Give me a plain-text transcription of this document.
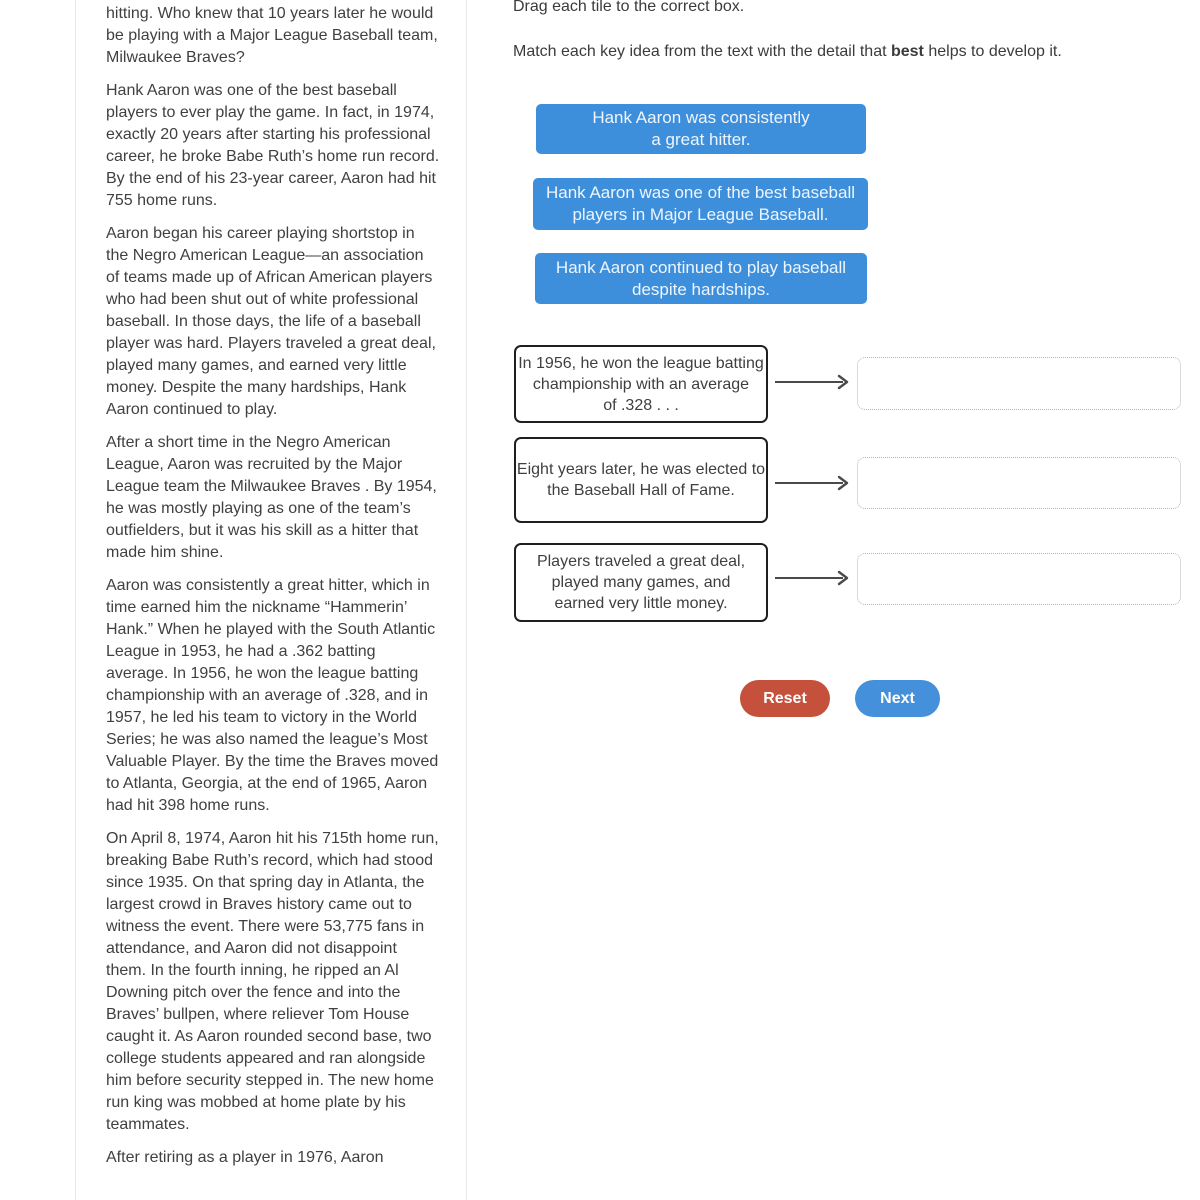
hitting. Who knew that 10 years later he would be playing with a Major League Baseball team, Milwaukee Braves?

Hank Aaron was one of the best baseball players to ever play the game. In fact, in 1974, exactly 20 years after starting his professional career, he broke Babe Ruth’s home run record. By the end of his 23-year career, Aaron had hit 755 home runs.

Aaron began his career playing shortstop in the Negro American League—an association of teams made up of African American players who had been shut out of white professional baseball. In those days, the life of a baseball player was hard. Players traveled a great deal, played many games, and earned very little money. Despite the many hardships, Hank Aaron continued to play.

After a short time in the Negro American League, Aaron was recruited by the Major League team the Milwaukee Braves . By 1954, he was mostly playing as one of the team’s outfielders, but it was his skill as a hitter that made him shine.

Aaron was consistently a great hitter, which in time earned him the nickname “Hammerin’ Hank.” When he played with the South Atlantic League in 1953, he had a .362 batting average. In 1956, he won the league batting championship with an average of .328, and in 1957, he led his team to victory in the World Series; he was also named the league’s Most Valuable Player. By the time the Braves moved to Atlanta, Georgia, at the end of 1965, Aaron had hit 398 home runs.

On April 8, 1974, Aaron hit his 715th home run, breaking Babe Ruth’s record, which had stood since 1935. On that spring day in Atlanta, the largest crowd in Braves history came out to witness the event. There were 53,775 fans in attendance, and Aaron did not disappoint them. In the fourth inning, he ripped an Al Downing pitch over the fence and into the Braves’ bullpen, where reliever Tom House caught it. As Aaron rounded second base, two college students appeared and ran alongside him before security stepped in. The new home run king was mobbed at home plate by his teammates.

After retiring as a player in 1976, Aaron

Drag each tile to the correct box.
Match each key idea from the text with the detail that best helps to develop it.
Hank Aaron was consistently
a great hitter.
Hank Aaron was one of the best baseball
players in Major League Baseball.
Hank Aaron continued to play baseball
despite hardships.
In 1956, he won the league batting
championship with an average
of .328 . . .
Eight years later, he was elected to
the Baseball Hall of Fame.
Players traveled a great deal,
played many games, and
earned very little money.
Reset	Next
